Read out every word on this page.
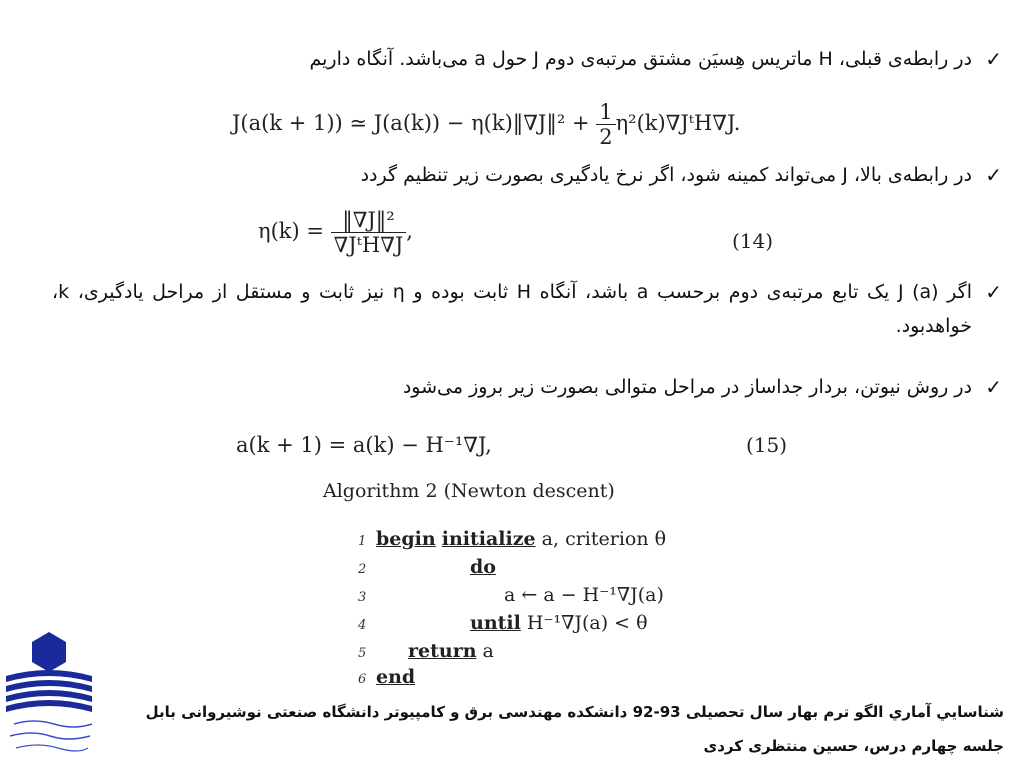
✓در رابطه‌ی قبلی، H ماتریس هِسیَن مشتق مرتبه‌ی دوم J حول a می‌باشد. آنگاه داریم
J(a(k + 1)) ≃ J(a(k)) − η(k)‖∇J‖² + $\frac{1}{2}$ η²(k)∇JᵗH∇J.
✓در رابطه‌ی بالا، J می‌تواند کمینه شود، اگر نرخ یادگیری بصورت زیر تنظیم گردد
$\eta(k) = \frac{\text{‖∇J‖²}}{\text{∇JᵗH∇J}}$ ,	(14)
✓اگر J (a) یک تابع مرتبه‌ی دوم برحسب a باشد، آنگاه H ثابت بوده و η نیز ثابت و مستقل از مراحل یادگیری، k، خواهدبود.
✓در روش نیوتن، بردار جداساز در مراحل متوالی بصورت زیر بروز می‌شود
a(k + 1) = a(k) − H⁻¹∇J,	(15)
Algorithm 2 (Newton descent)
1 begin initialize a, criterion θ
2	do
3	a ← a − H⁻¹∇J(a)
4	until H⁻¹∇J(a) < θ
5 return a
6 end
شناسايي آماري الگو ترم بهار سال تحصیلی 93-92 دانشکده مهندسی برق و کامپیوتر دانشگاه صنعتی نوشیروانی بابل
جلسه چهارم درس، حسین منتظری کردی
